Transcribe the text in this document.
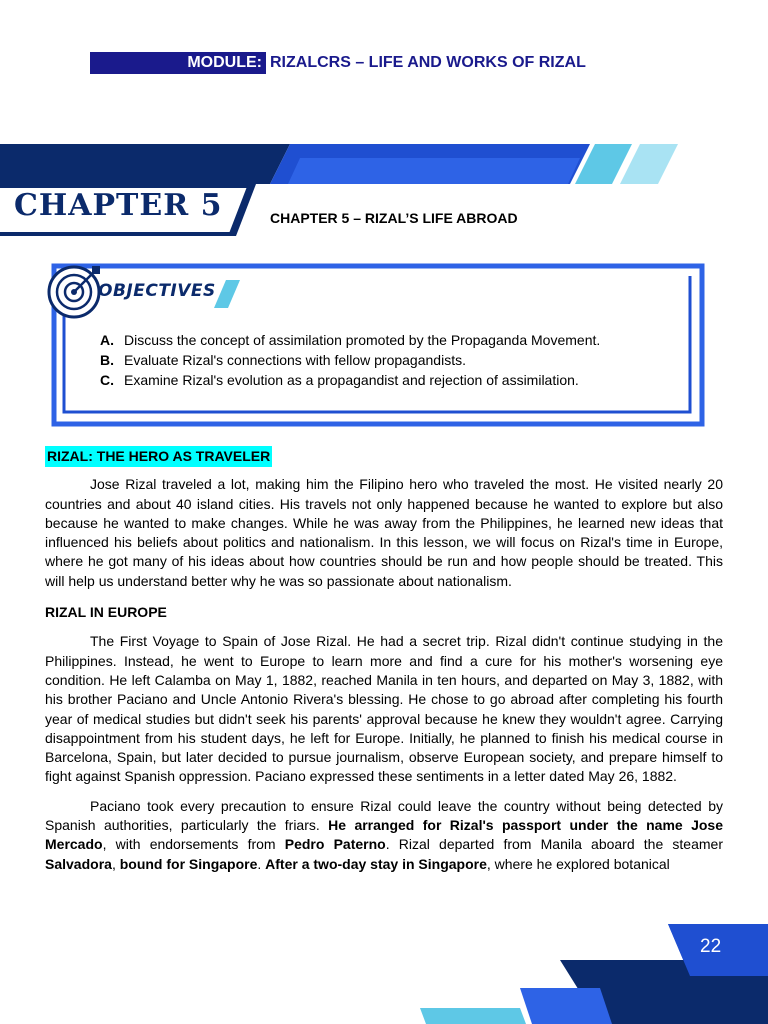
MODULE: RIZALCRS – LIFE AND WORKS OF RIZAL
CHAPTER 5	CHAPTER 5 – RIZAL’S LIFE ABROAD
OBJECTIVES
A. Discuss the concept of assimilation promoted by the Propaganda Movement.
B. Evaluate Rizal's connections with fellow propagandists.
C. Examine Rizal's evolution as a propagandist and rejection of assimilation.
RIZAL: THE HERO AS TRAVELER

Jose Rizal traveled a lot, making him the Filipino hero who traveled the most. He visited nearly 20 countries and about 40 island cities. His travels not only happened because he wanted to explore but also because he wanted to make changes. While he was away from the Philippines, he learned new ideas that influenced his beliefs about politics and nationalism. In this lesson, we will focus on Rizal's time in Europe, where he got many of his ideas about how countries should be run and how people should be treated. This will help us understand better why he was so passionate about nationalism.

RIZAL IN EUROPE

The First Voyage to Spain of Jose Rizal. He had a secret trip. Rizal didn't continue studying in the Philippines. Instead, he went to Europe to learn more and find a cure for his mother's worsening eye condition. He left Calamba on May 1, 1882, reached Manila in ten hours, and departed on May 3, 1882, with his brother Paciano and Uncle Antonio Rivera's blessing. He chose to go abroad after completing his fourth year of medical studies but didn't seek his parents' approval because he knew they wouldn't agree. Carrying disappointment from his student days, he left for Europe. Initially, he planned to finish his medical course in Barcelona, Spain, but later decided to pursue journalism, observe European society, and prepare himself to fight against Spanish oppression. Paciano expressed these sentiments in a letter dated May 26, 1882.

Paciano took every precaution to ensure Rizal could leave the country without being detected by Spanish authorities, particularly the friars. He arranged for Rizal's passport under the name Jose Mercado, with endorsements from Pedro Paterno. Rizal departed from Manila aboard the steamer Salvadora, bound for Singapore. After a two-day stay in Singapore, where he explored botanical

22
